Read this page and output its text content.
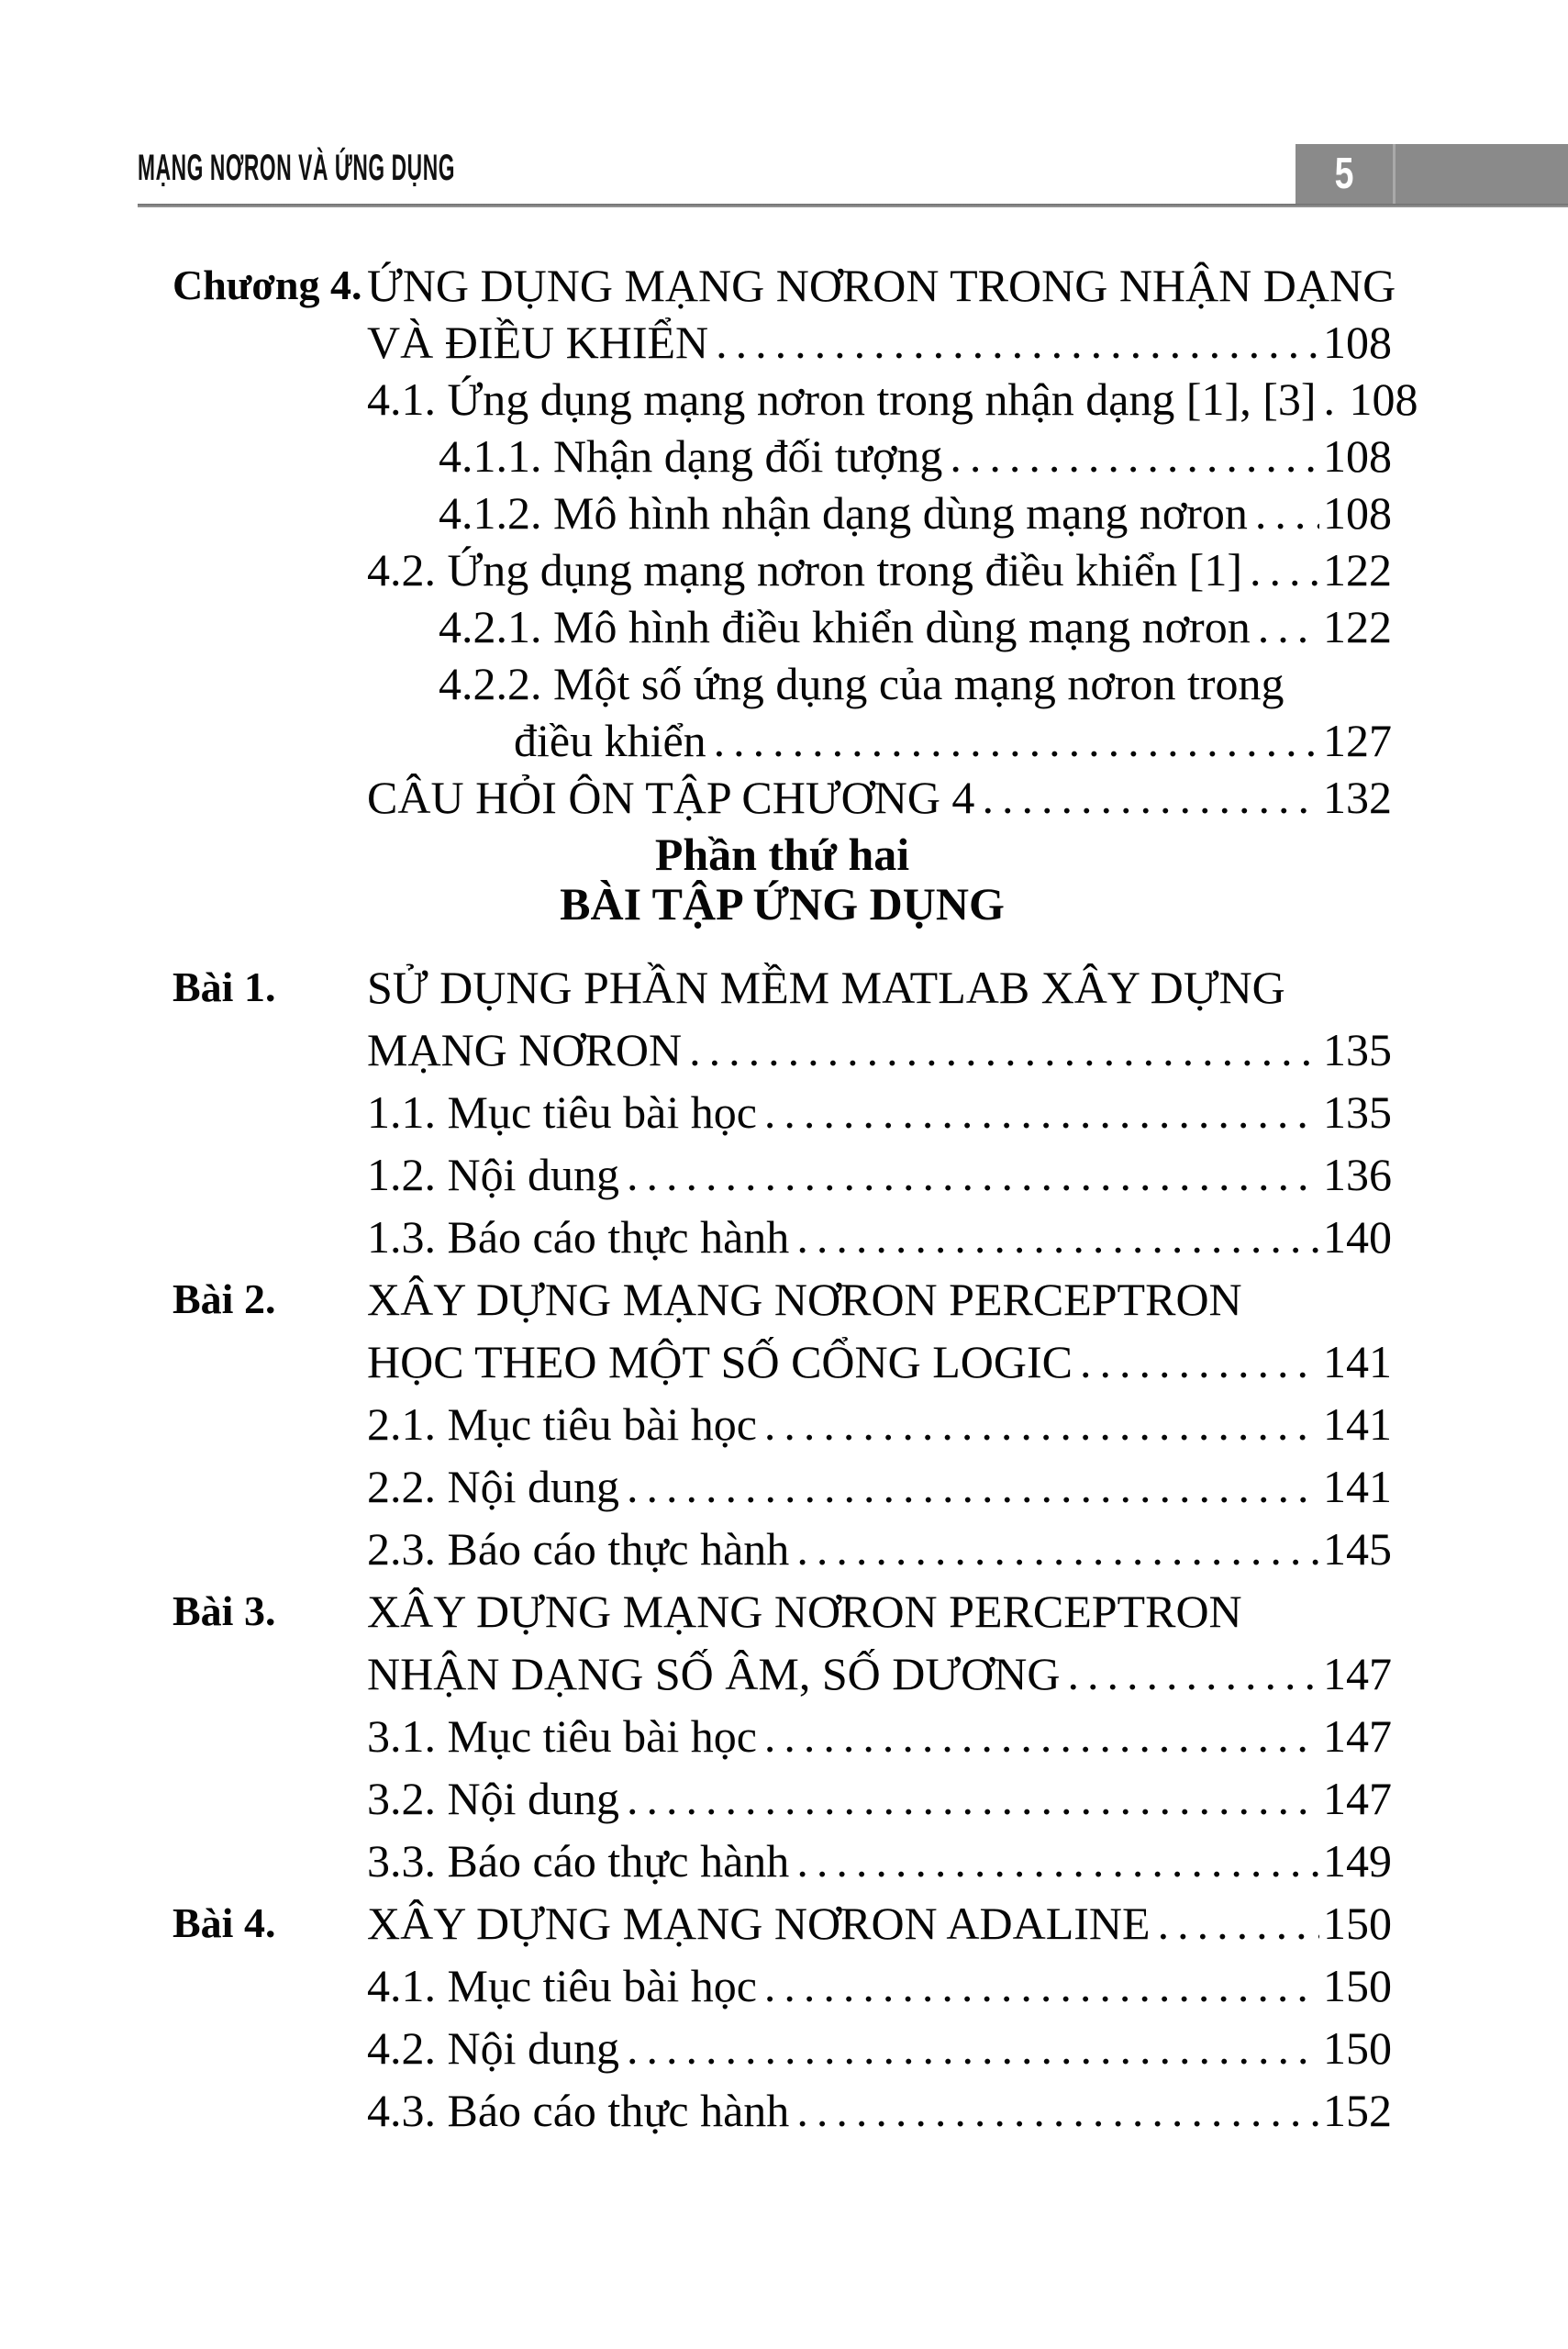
MẠNG NƠRON VÀ ỨNG DỤNG	5
Chương 4. ỨNG DỤNG MẠNG NƠRON TRONG NHẬN DẠNG
VÀ ĐIỀU KHIỂN .....	108
4.1. Ứng dụng mạng nơron trong nhận dạng [1], [3] ..... 108
4.1.1. Nhận dạng đối tượng .....	108
4.1.2. Mô hình nhận dạng dùng mạng nơron ..... 108
4.2. Ứng dụng mạng nơron trong điều khiển [1] ..... 122
4.2.1. Mô hình điều khiển dùng mạng nơron ..... 122
4.2.2. Một số ứng dụng của mạng nơron trong
điều khiển .....	127
CÂU HỎI ÔN TẬP CHƯƠNG 4 .....	132
Phần thứ hai
BÀI TẬP ỨNG DỤNG
Bài 1. SỬ DỤNG PHẦN MỀM MATLAB XÂY DỰNG
MẠNG NƠRON .....	135
1.1. Mục tiêu bài học .....	135
1.2. Nội dung .....	136
1.3. Báo cáo thực hành .....	140
Bài 2. XÂY DỰNG MẠNG NƠRON PERCEPTRON
HỌC THEO MỘT SỐ CỔNG LOGIC .....	141
2.1. Mục tiêu bài học .....	141
2.2. Nội dung .....	141
2.3. Báo cáo thực hành .....	145
Bài 3. XÂY DỰNG MẠNG NƠRON PERCEPTRON
NHẬN DẠNG SỐ ÂM, SỐ DƯƠNG .....	147
3.1. Mục tiêu bài học .....	147
3.2. Nội dung .....	147
3.3. Báo cáo thực hành .....	149
Bài 4. XÂY DỰNG MẠNG NƠRON ADALINE .....	150
4.1. Mục tiêu bài học .....	150
4.2. Nội dung .....	150
4.3. Báo cáo thực hành .....	152
